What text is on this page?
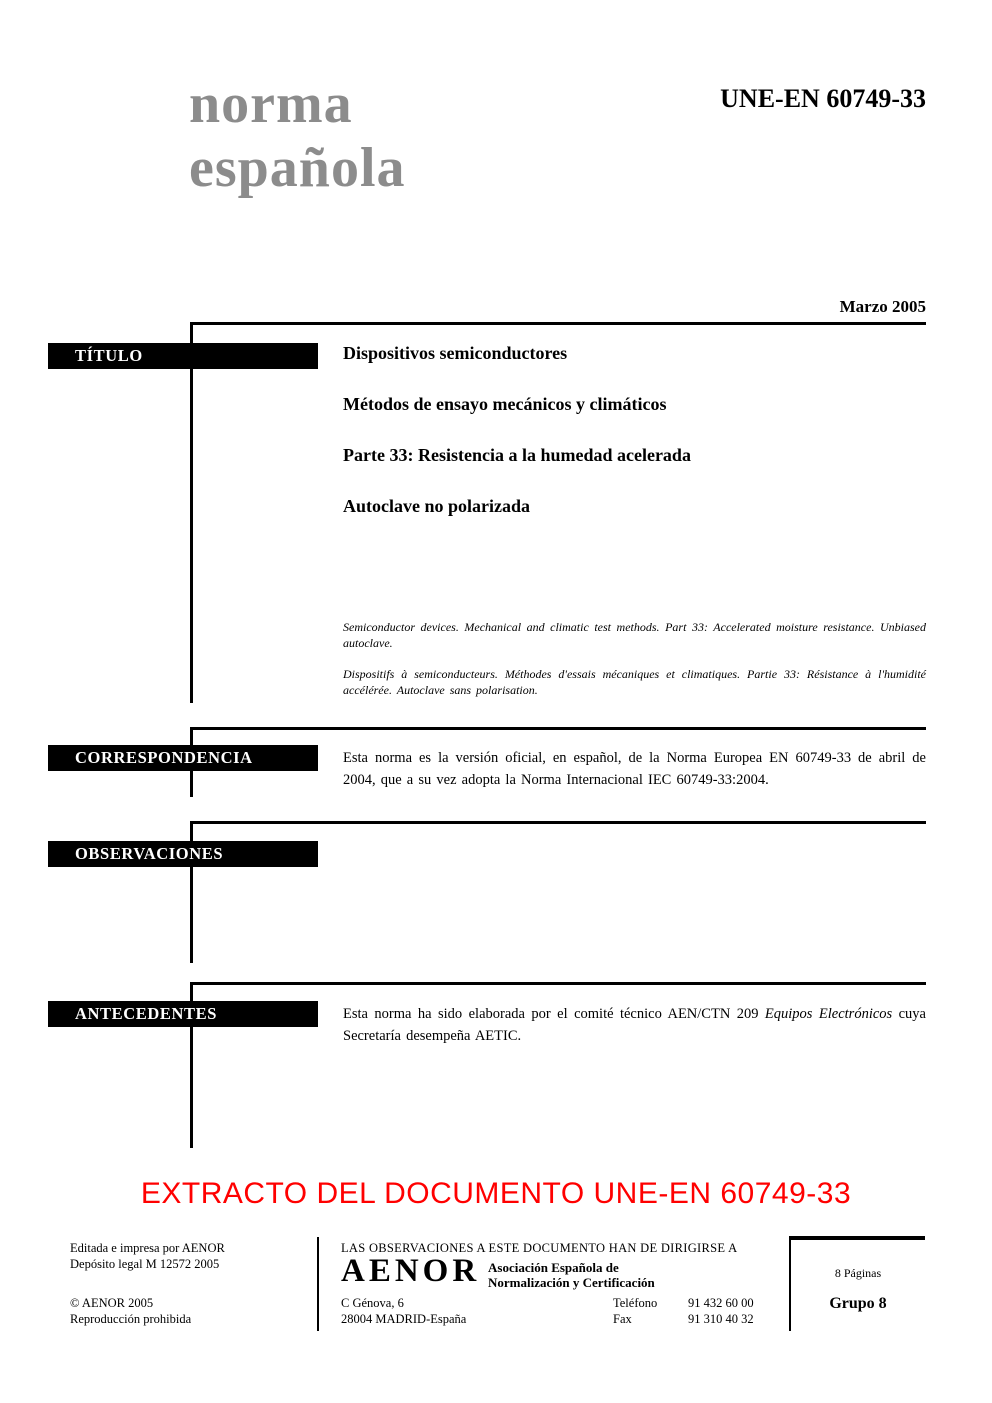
norma
española
UNE-EN 60749-33
Marzo 2005
TÍTULO
CORRESPONDENCIA
OBSERVACIONES
ANTECEDENTES

Dispositivos semiconductores

Métodos de ensayo mecánicos y climáticos

Parte 33: Resistencia a la humedad acelerada

Autoclave no polarizada

Semiconductor devices. Mechanical and climatic test methods. Part 33: Accelerated moisture resistance. Unbiased autoclave.
Dispositifs à semiconducteurs. Méthodes d'essais mécaniques et climatiques. Partie 33: Résistance à l'humidité accélérée. Autoclave sans polarisation.
Esta norma es la versión oficial, en español, de la Norma Europea EN 60749-33 de abril de 2004, que a su vez adopta la Norma Internacional IEC 60749-33:2004.
Esta norma ha sido elaborada por el comité técnico AEN/CTN 209 Equipos Electrónicos cuya Secretaría desempeña AETIC.
EXTRACTO DEL DOCUMENTO UNE-EN 60749-33
Editada e impresa por AENOR
Depósito legal M 12572 2005
© AENOR 2005
Reproducción prohibida
LAS OBSERVACIONES A ESTE DOCUMENTO HAN DE DIRIGIRSE A
AENOR Asociación Española de
Normalización y Certificación
C Génova, 6
28004 MADRID-España
Teléfono
Fax
91 432 60 00
91 310 40 32
8 Páginas
Grupo 8
